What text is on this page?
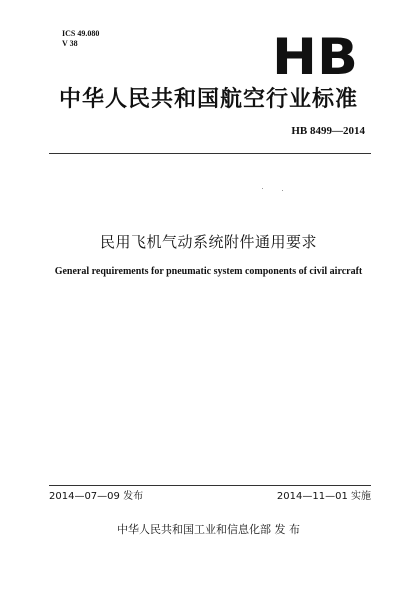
ICS 49.080
V 38	HB
中华人民共和国航空行业标准
HB 8499—2014
民用飞机气动系统附件通用要求
General requirements for pneumatic system components of civil aircraft
2014—07—09 发布	2014—11—01 实施
中华人民共和国工业和信息化部 发 布
